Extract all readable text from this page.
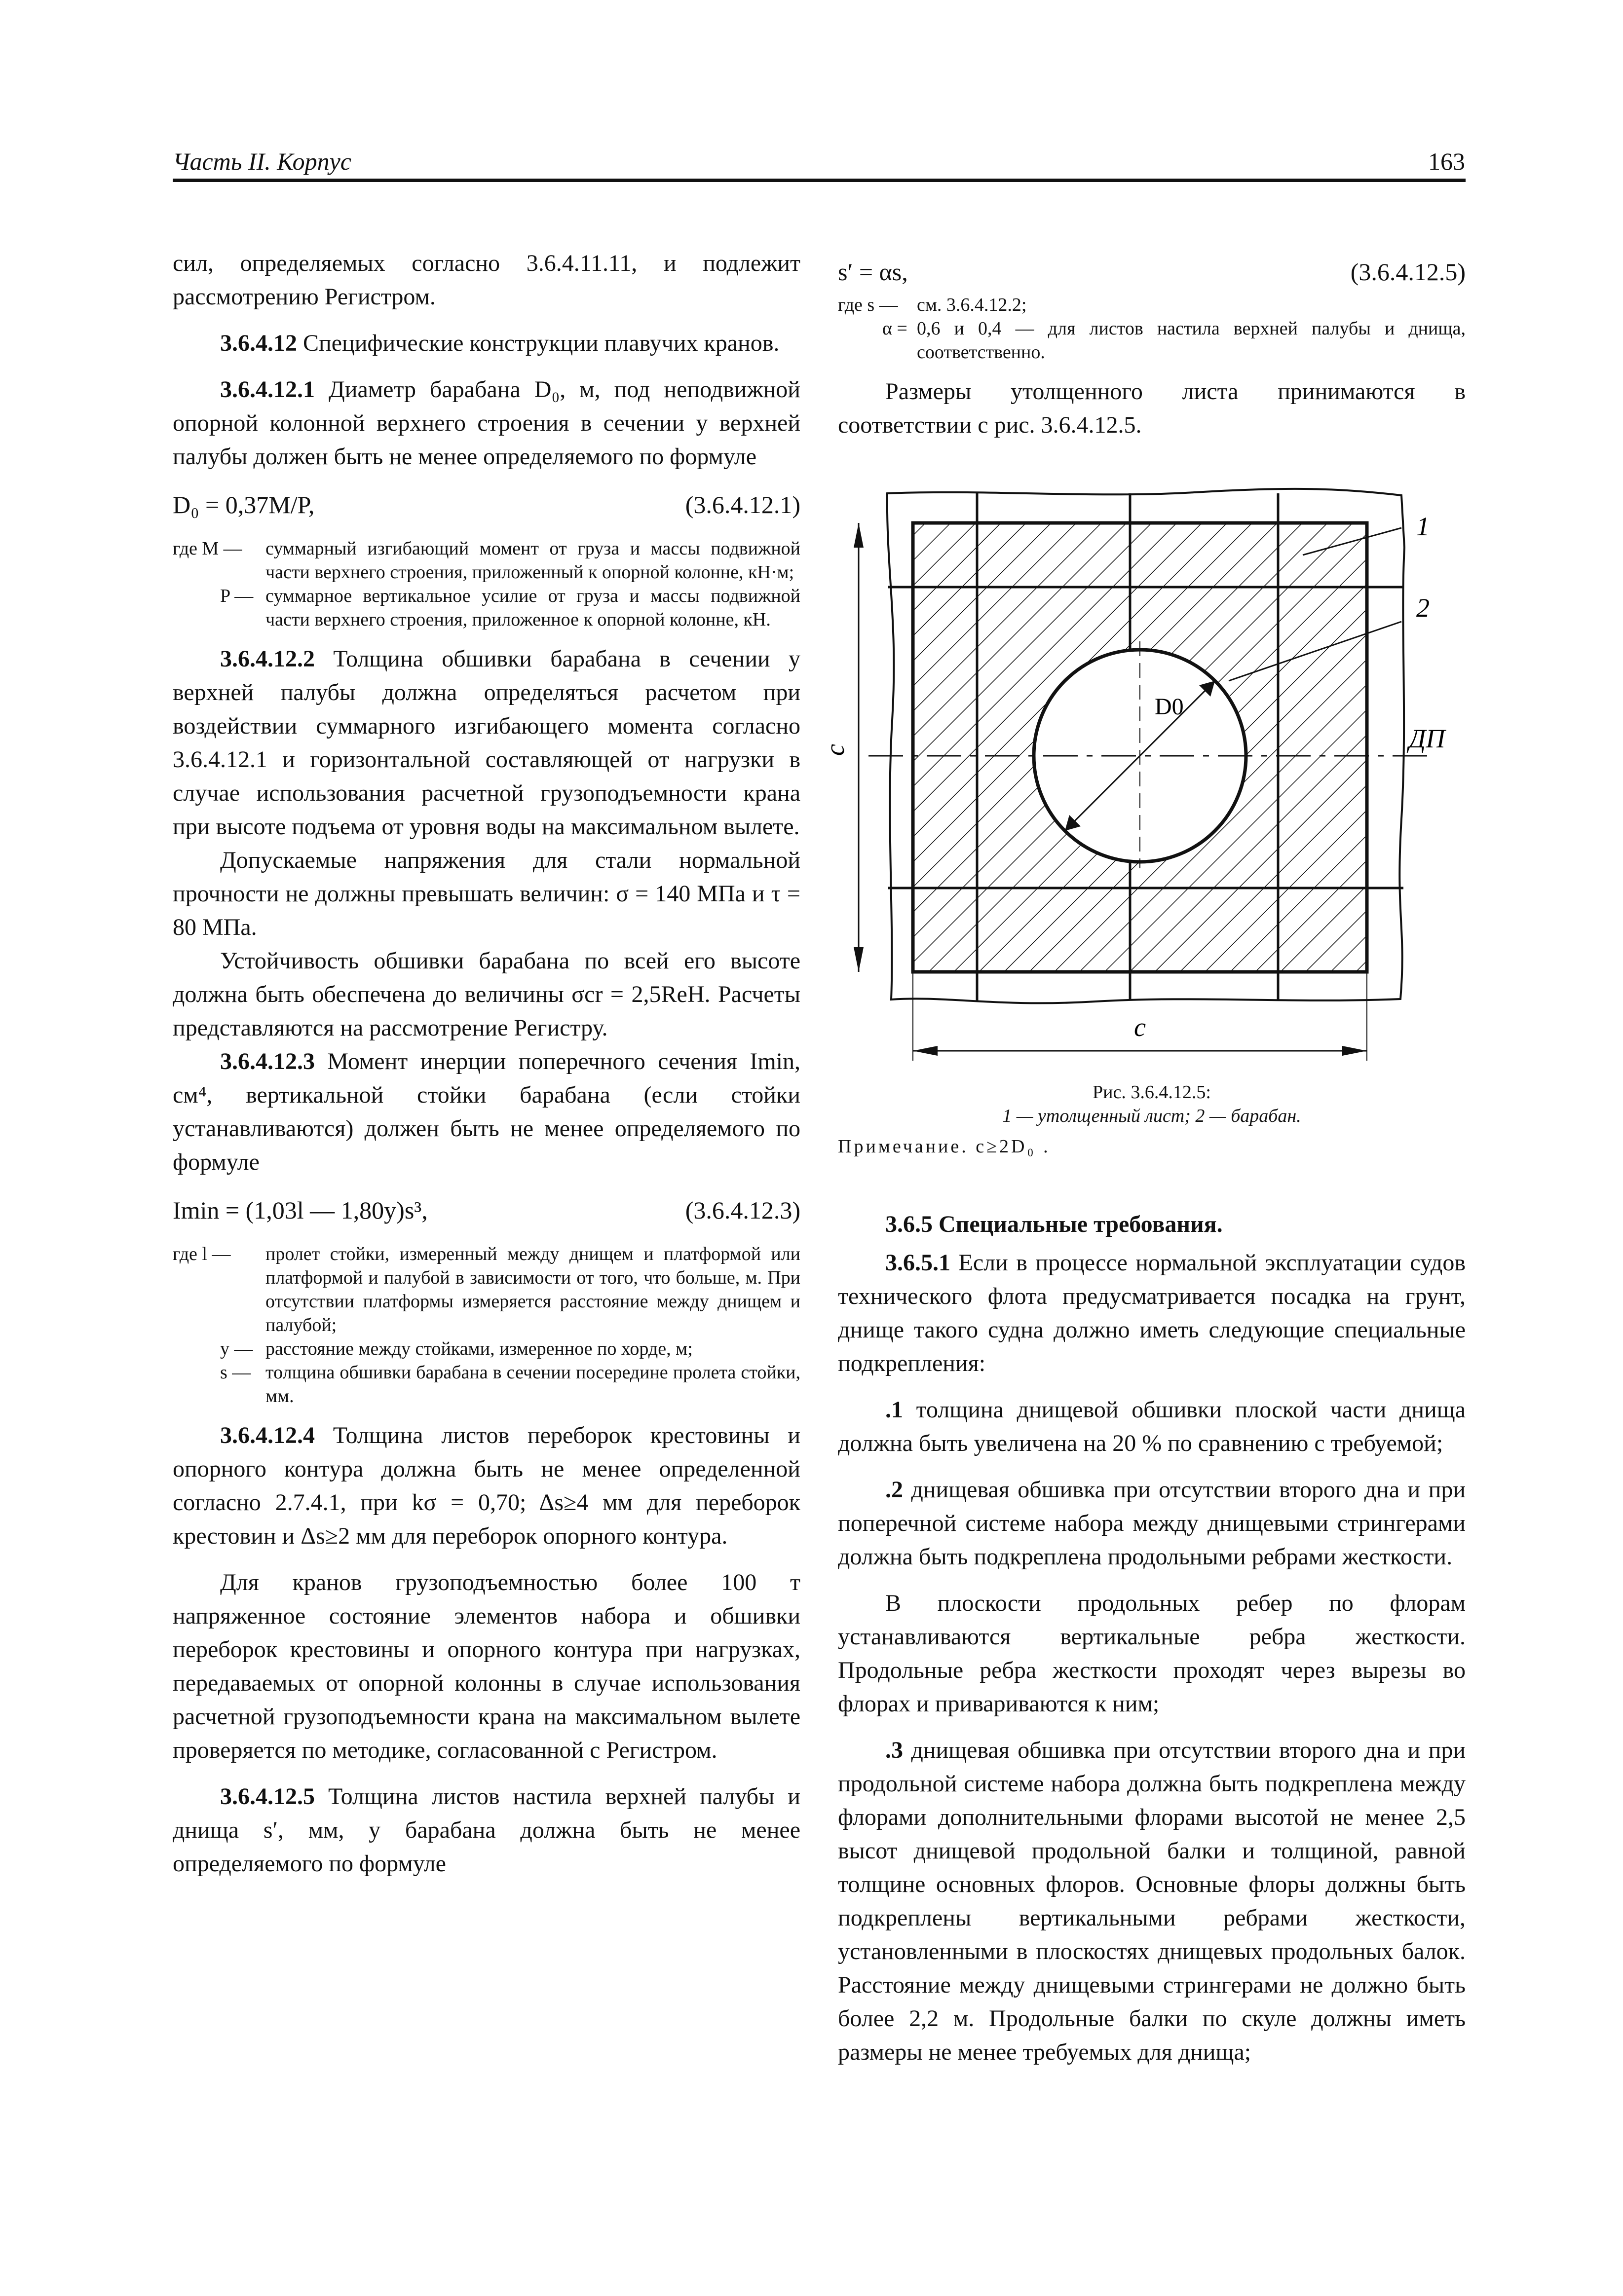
Часть II. Корпус	163

сил, определяемых согласно 3.6.4.11.11, и подлежит рассмотрению Регистром.

3.6.4.12 Специфические конструкции плавучих кранов.

3.6.4.12.1 Диаметр барабана D₀, м, под неподвижной опорной колонной верхнего строения в сечении у верхней палубы должен быть не менее определяемого по формуле

D₀ = 0,37M/P,	(3.6.4.12.1)
где M —	суммарный изгибающий момент от груза и массы подвижной части верхнего строения, приложенный к опорной колонне, кН·м;
P — суммарное вертикальное усилие от груза и массы подвижной части верхнего строения, приложенное к опорной колонне, кН.

3.6.4.12.2 Толщина обшивки барабана в сечении у верхней палубы должна определяться расчетом при воздействии суммарного изгибающего момента согласно 3.6.4.12.1 и горизонтальной составляющей от нагрузки в случае использования расчетной грузоподъемности крана при высоте подъема от уровня воды на максимальном вылете.

Допускаемые напряжения для стали нормальной прочности не должны превышать величин: σ = 140 МПа и τ = 80 МПа.

Устойчивость обшивки барабана по всей его высоте должна быть обеспечена до величины σcr = 2,5ReH. Расчеты представляются на рассмотрение Регистру.

3.6.4.12.3 Момент инерции поперечного сечения Imin, см⁴, вертикальной стойки барабана (если стойки устанавливаются) должен быть не менее определяемого по формуле

Imin = (1,03l — 1,80y)s³,	(3.6.4.12.3)
где l —	пролет стойки, измеренный между днищем и платформой или платформой и палубой в зависимости от того, что больше, м. При отсутствии платформы измеряется расстояние между днищем и палубой;
y — расстояние между стойками, измеренное по хорде, м;
s — толщина обшивки барабана в сечении посередине пролета стойки, мм.

3.6.4.12.4 Толщина листов переборок крестовины и опорного контура должна быть не менее определенной согласно 2.7.4.1, при kσ = 0,70; Δs≥4 мм для переборок крестовин и Δs≥2 мм для переборок опорного контура.

Для кранов грузоподъемностью более 100 т напряженное состояние элементов набора и обшивки переборок крестовины и опорного контура при нагрузках, передаваемых от опорной колонны в случае использования расчетной грузоподъемности крана на максимальном вылете проверяется по методике, согласованной с Регистром.

3.6.4.12.5 Толщина листов настила верхней палубы и днища s′, мм, у барабана должна быть не менее определяемого по формуле

s′ = αs,	(3.6.4.12.5)
где s —	см. 3.6.4.12.2;
α = 0,6 и 0,4 — для листов настила верхней палубы и днища, соответственно.

Размеры утолщенного листа принимаются в соответствии с рис. 3.6.4.12.5.

1
2
ДП
D0
c
c
Рис. 3.6.4.12.5:
1 — утолщенный лист; 2 — барабан.
Примечание. c≥2D₀ .

3.6.5 Специальные требования.

3.6.5.1 Если в процессе нормальной эксплуатации судов технического флота предусматривается посадка на грунт, днище такого судна должно иметь следующие специальные подкрепления:

.1 толщина днищевой обшивки плоской части днища должна быть увеличена на 20 % по сравнению с требуемой;

.2 днищевая обшивка при отсутствии второго дна и при поперечной системе набора между днищевыми стрингерами должна быть подкреплена продольными ребрами жесткости.

В плоскости продольных ребер по флорам устанавливаются вертикальные ребра жесткости. Продольные ребра жесткости проходят через вырезы во флорах и привариваются к ним;

.3 днищевая обшивка при отсутствии второго дна и при продольной системе набора должна быть подкреплена между флорами дополнительными флорами высотой не менее 2,5 высот днищевой продольной балки и толщиной, равной толщине основных флоров. Основные флоры должны быть подкреплены вертикальными ребрами жесткости, установленными в плоскостях днищевых продольных балок. Расстояние между днищевыми стрингерами не должно быть более 2,2 м. Продольные балки по скуле должны иметь размеры не менее требуемых для днища;
